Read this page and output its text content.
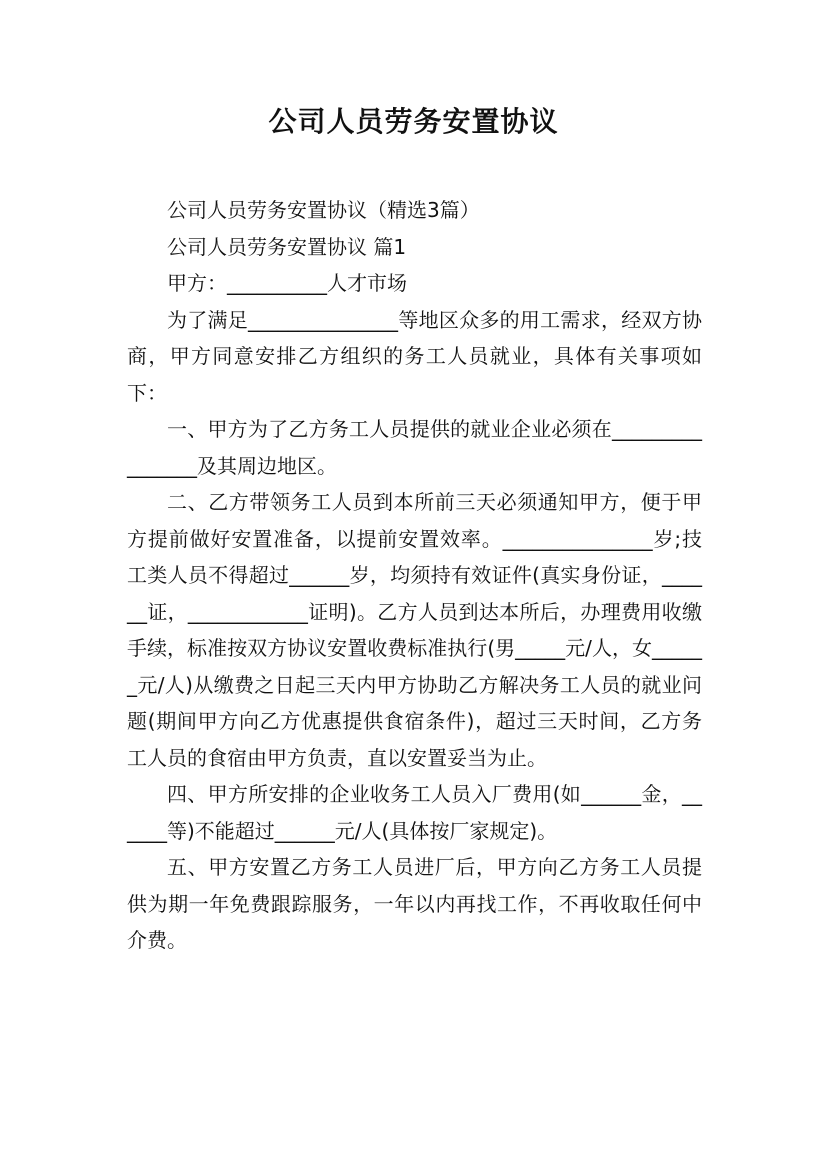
公司人员劳务安置协议

公司人员劳务安置协议（精选3篇）

公司人员劳务安置协议 篇1

甲方：__________人才市场

为了满足_______________等地区众多的用工需求，经双方协商，甲方同意安排乙方组织的务工人员就业，具体有关事项如下：

一、甲方为了乙方务工人员提供的就业企业必须在________________及其周边地区。

二、乙方带领务工人员到本所前三天必须通知甲方，便于甲方提前做好安置准备，以提前安置效率。_______________岁;技工类人员不得超过______岁，均须持有效证件(真实身份证，______证，____________证明)。乙方人员到达本所后，办理费用收缴手续，标准按双方协议安置收费标准执行(男_____元/人，女______元/人)从缴费之日起三天内甲方协助乙方解决务工人员的就业问题(期间甲方向乙方优惠提供食宿条件)，超过三天时间，乙方务工人员的食宿由甲方负责，直以安置妥当为止。

四、甲方所安排的企业收务工人员入厂费用(如______金，______等)不能超过______元/人(具体按厂家规定)。

五、甲方安置乙方务工人员进厂后，甲方向乙方务工人员提供为期一年免费跟踪服务，一年以内再找工作，不再收取任何中介费。
